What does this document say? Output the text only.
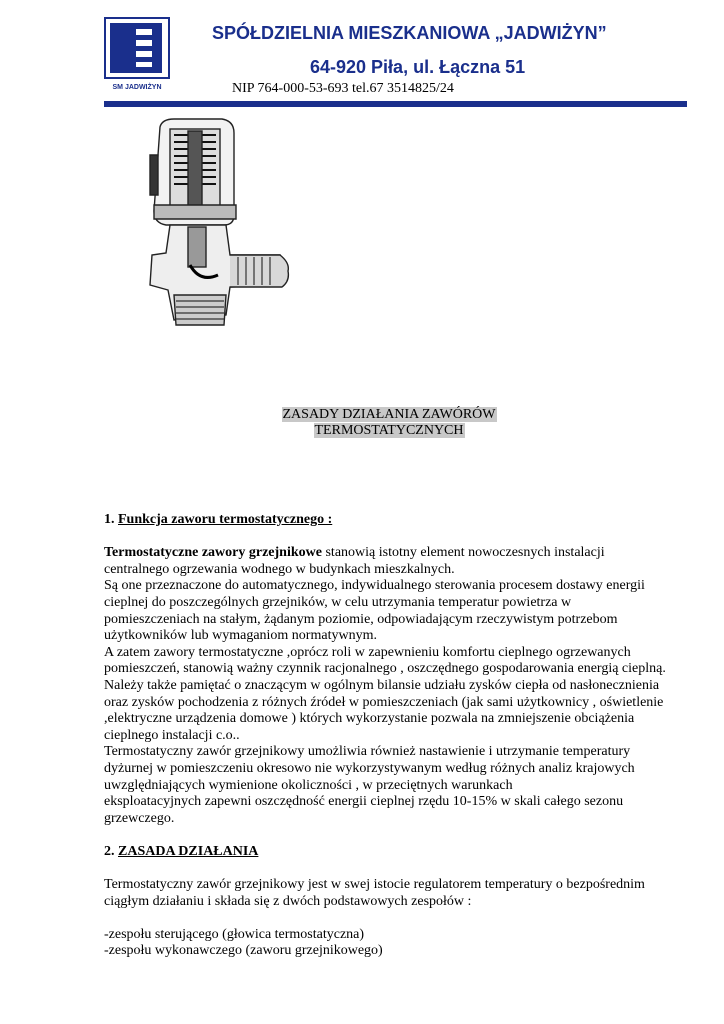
SM JADWIŻYN
SPÓŁDZIELNIA MIESZKANIOWA „JADWIŻYN”
64-920 Piła, ul. Łączna 51
NIP 764-000-53-693 tel.67 3514825/24
ZASADY DZIAŁANIA ZAWÓRÓW
TERMOSTATYCZNYCH

1. Funkcja zaworu termostatycznego :

Termostatyczne zawory grzejnikowe stanowią istotny element nowoczesnych instalacji

centralnego ogrzewania wodnego w budynkach mieszkalnych.

Są one przeznaczone do automatycznego, indywidualnego sterowania procesem dostawy energii

cieplnej do poszczególnych grzejników, w celu utrzymania temperatur powietrza w

pomieszczeniach na stałym, żądanym poziomie, odpowiadającym rzeczywistym potrzebom

użytkowników lub wymaganiom normatywnym.

A zatem zawory termostatyczne ,oprócz roli w zapewnieniu komfortu cieplnego ogrzewanych

pomieszczeń, stanowią ważny czynnik racjonalnego , oszczędnego gospodarowania energią cieplną.

Należy także pamiętać o znaczącym w ogólnym bilansie udziału zysków ciepła od nasłonecznienia

oraz zysków pochodzenia z różnych źródeł w pomieszczeniach (jak sami użytkownicy , oświetlenie

,elektryczne urządzenia domowe ) których wykorzystanie pozwala na zmniejszenie obciążenia

cieplnego instalacji c.o..

Termostatyczny zawór grzejnikowy umożliwia również nastawienie i utrzymanie temperatury

dyżurnej w pomieszczeniu okresowo nie wykorzystywanym według różnych analiz krajowych

uwzględniających wymienione okoliczności , w przeciętnych warunkach

eksploatacyjnych zapewni oszczędność energii cieplnej rzędu 10-15% w skali całego sezonu

grzewczego.

2. ZASADA DZIAŁANIA

Termostatyczny zawór grzejnikowy jest w swej istocie regulatorem temperatury o bezpośrednim

ciągłym działaniu i składa się z dwóch podstawowych zespołów :

-zespołu sterującego (głowica termostatyczna)

-zespołu wykonawczego (zaworu grzejnikowego)
